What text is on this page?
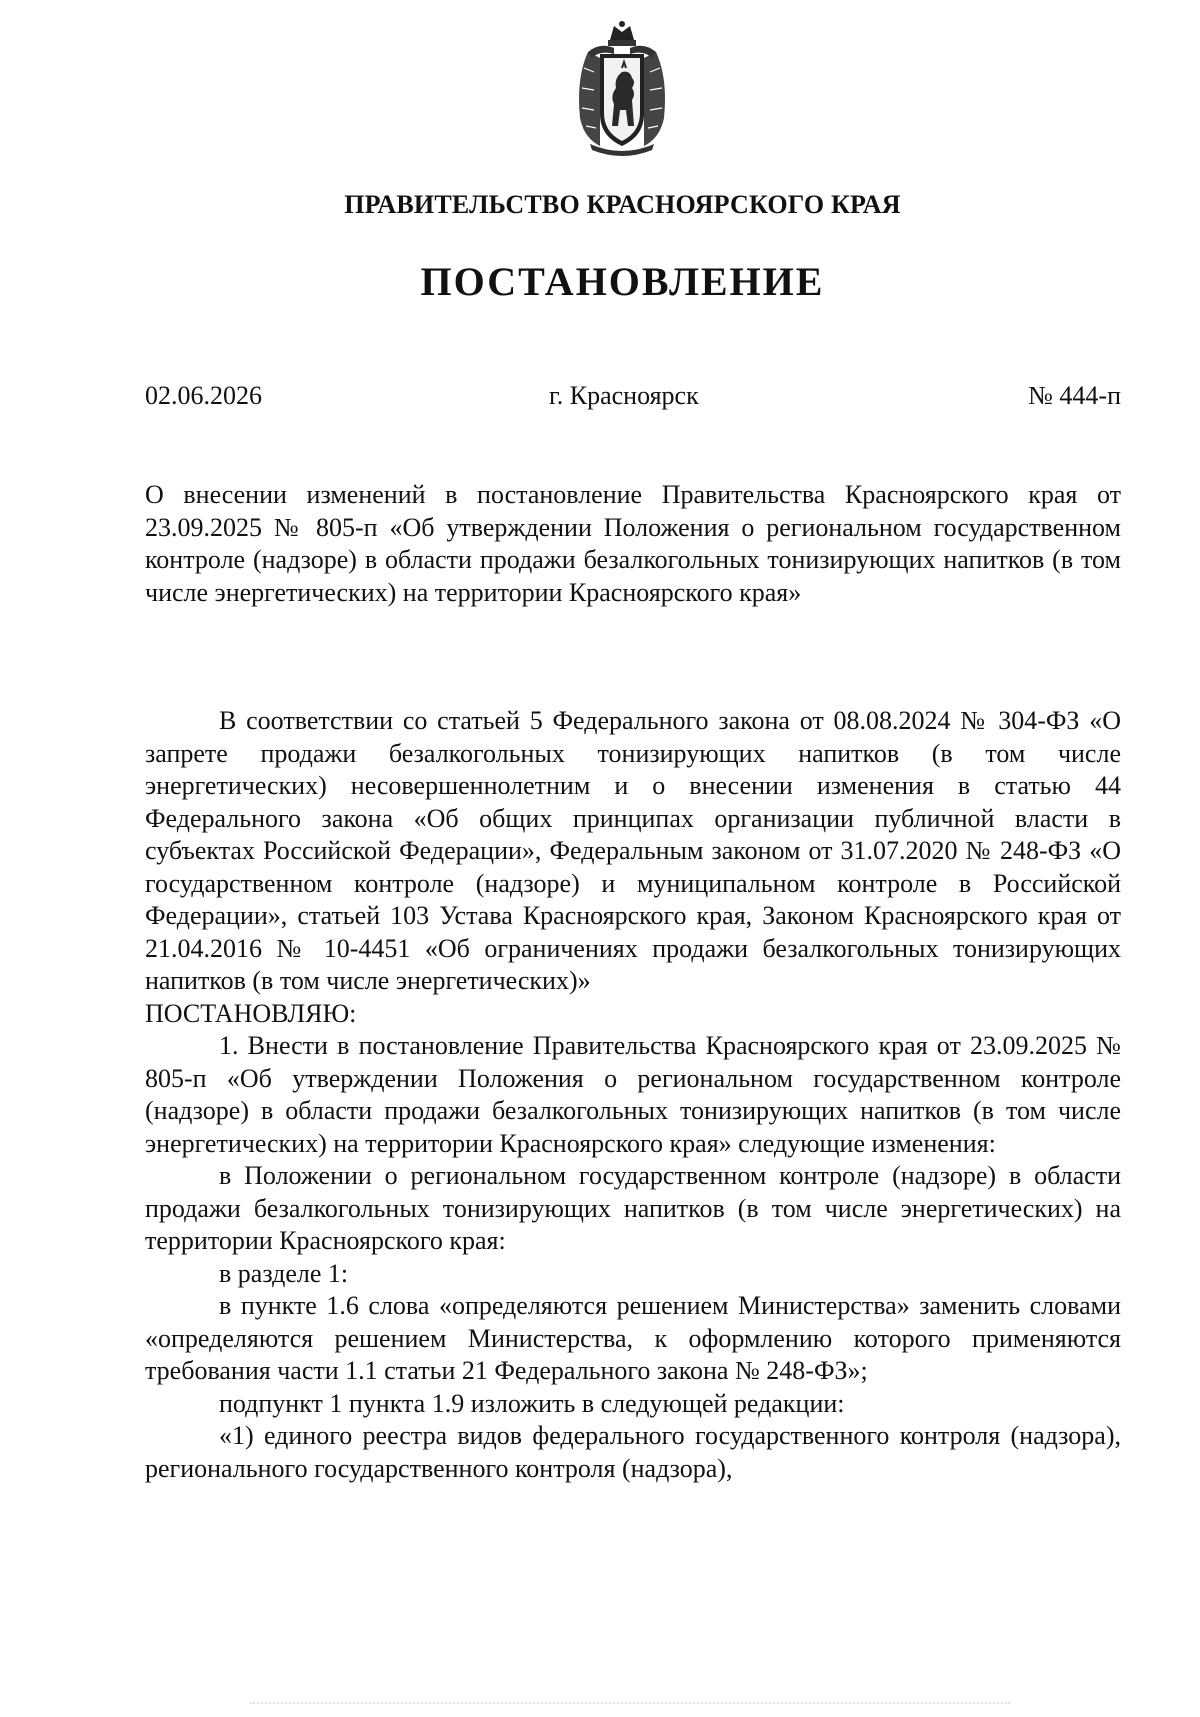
ПРАВИТЕЛЬСТВО КРАСНОЯРСКОГО КРАЯ
ПОСТАНОВЛЕНИЕ
02.06.2026	г. Красноярск	№ 444-п

О внесении изменений в постановление Правительства Красноярского края от 23.09.2025 № 805-п «Об утверждении Положения о региональном государственном контроле (надзоре) в области продажи безалкогольных тонизирующих напитков (в том числе энергетических) на территории Красноярского края»

В соответствии со статьей 5 Федерального закона от 08.08.2024 № 304-ФЗ «О запрете продажи безалкогольных тонизирующих напитков (в том числе энергетических) несовершеннолетним и о внесении изменения в статью 44 Федерального закона «Об общих принципах организации публичной власти в субъектах Российской Федерации», Федеральным законом от 31.07.2020 № 248-ФЗ «О государственном контроле (надзоре) и муниципальном контроле в Российской Федерации», статьей 103 Устава Красноярского края, Законом Красноярского края от 21.04.2016 № 10-4451 «Об ограничениях продажи безалкогольных тонизирующих напитков (в том числе энергетических)»

ПОСТАНОВЛЯЮ:

1. Внести в постановление Правительства Красноярского края от 23.09.2025 № 805-п «Об утверждении Положения о региональном государственном контроле (надзоре) в области продажи безалкогольных тонизирующих напитков (в том числе энергетических) на территории Красноярского края» следующие изменения:

в Положении о региональном государственном контроле (надзоре) в области продажи безалкогольных тонизирующих напитков (в том числе энергетических) на территории Красноярского края:

в разделе 1:

в пункте 1.6 слова «определяются решением Министерства» заменить словами «определяются решением Министерства, к оформлению которого применяются требования части 1.1 статьи 21 Федерального закона № 248-ФЗ»;

подпункт 1 пункта 1.9 изложить в следующей редакции:

«1) единого реестра видов федерального государственного контроля (надзора), регионального государственного контроля (надзора),
